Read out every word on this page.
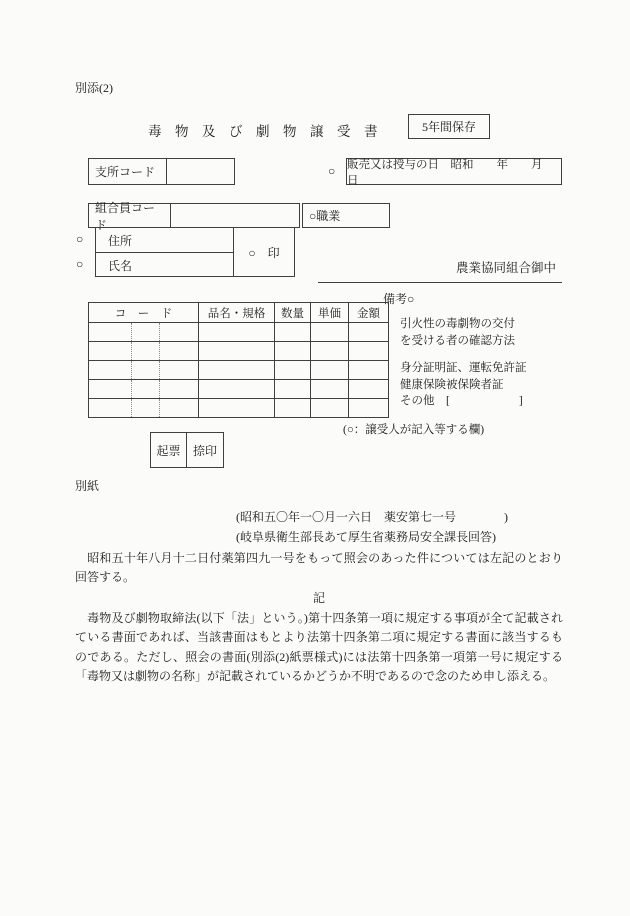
別添(2)
毒　物　及　び　劇　物　譲　受　書	5年間保存
支所コード	○ 販売又は授与の日　昭和　　年　　月　　日
組合員コード
○職業
○
○
住所
氏名
○　印
農業協同組合御中
備考○
コ　ー　ド	品名・規格	数量	単価	金額

引火性の毒劇物の交付
を受ける者の確認方法
身分証明証、運転免許証
健康保険被保険者証
その他　[　　　　　　]
(○：譲受人が記入等する欄)
起票	捺印
別紙
(昭和五〇年一〇月一六日　薬安第七一号　　　　)
(岐阜県衛生部長あて厚生省薬務局安全課長回答)
　昭和五十年八月十二日付薬第四九一号をもって照会のあった件については左記のとおり回答する。
記
　毒物及び劇物取締法(以下「法」という。)第十四条第一項に規定する事項が全て記載されている書面であれば、当該書面はもとより法第十四条第二項に規定する書面に該当するものである。ただし、照会の書面(別添(2)紙票様式)には法第十四条第一項第一号に規定する「毒物又は劇物の名称」が記載されているかどうか不明であるので念のため申し添える。
